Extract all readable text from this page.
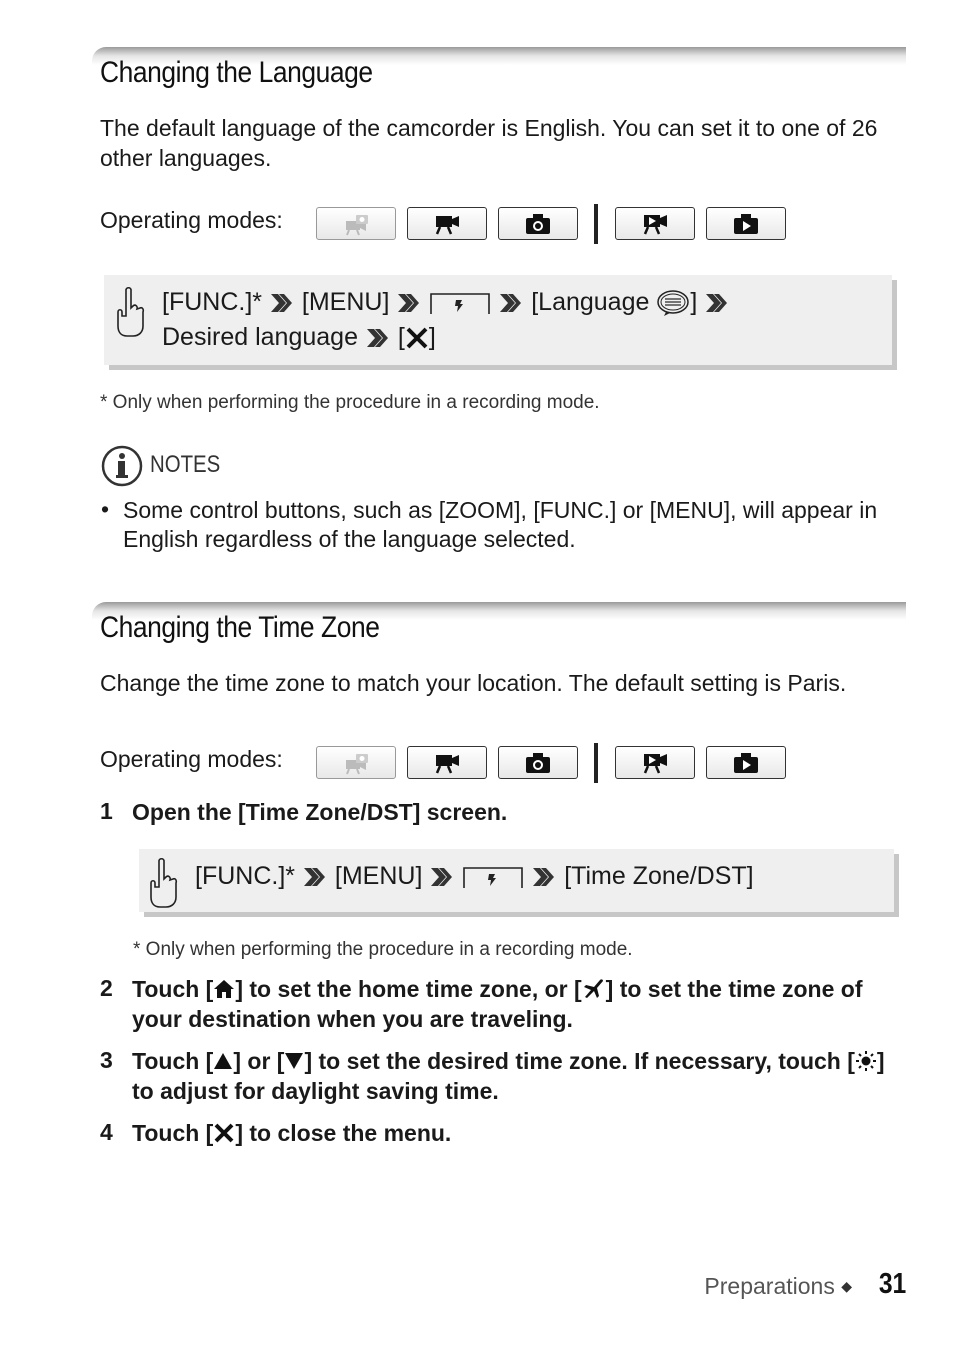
Changing the Language
The default language of the camcorder is English. You can set it to one of 26 other languages.
Operating modes:
[FUNC.]* [MENU]	[Language ]
Desired language [ ]
* Only when performing the procedure in a recording mode.
NOTES
• Some control buttons, such as [ZOOM], [FUNC.] or [MENU], will appear in English regardless of the language selected.
Changing the Time Zone
Change the time zone to match your location. The default setting is Paris.
Operating modes:
1 Open the [Time Zone/DST] screen.
[FUNC.]* [MENU]	[Time Zone/DST]
* Only when performing the procedure in a recording mode.
2 Touch [ ] to set the home time zone, or [ ] to set the time zone of your destination when you are traveling.
3 Touch [ ] or [ ] to set the desired time zone. If necessary, touch [ ] to adjust for daylight saving time.
4 Touch [ ] to close the menu.
Preparations ◆ 31
